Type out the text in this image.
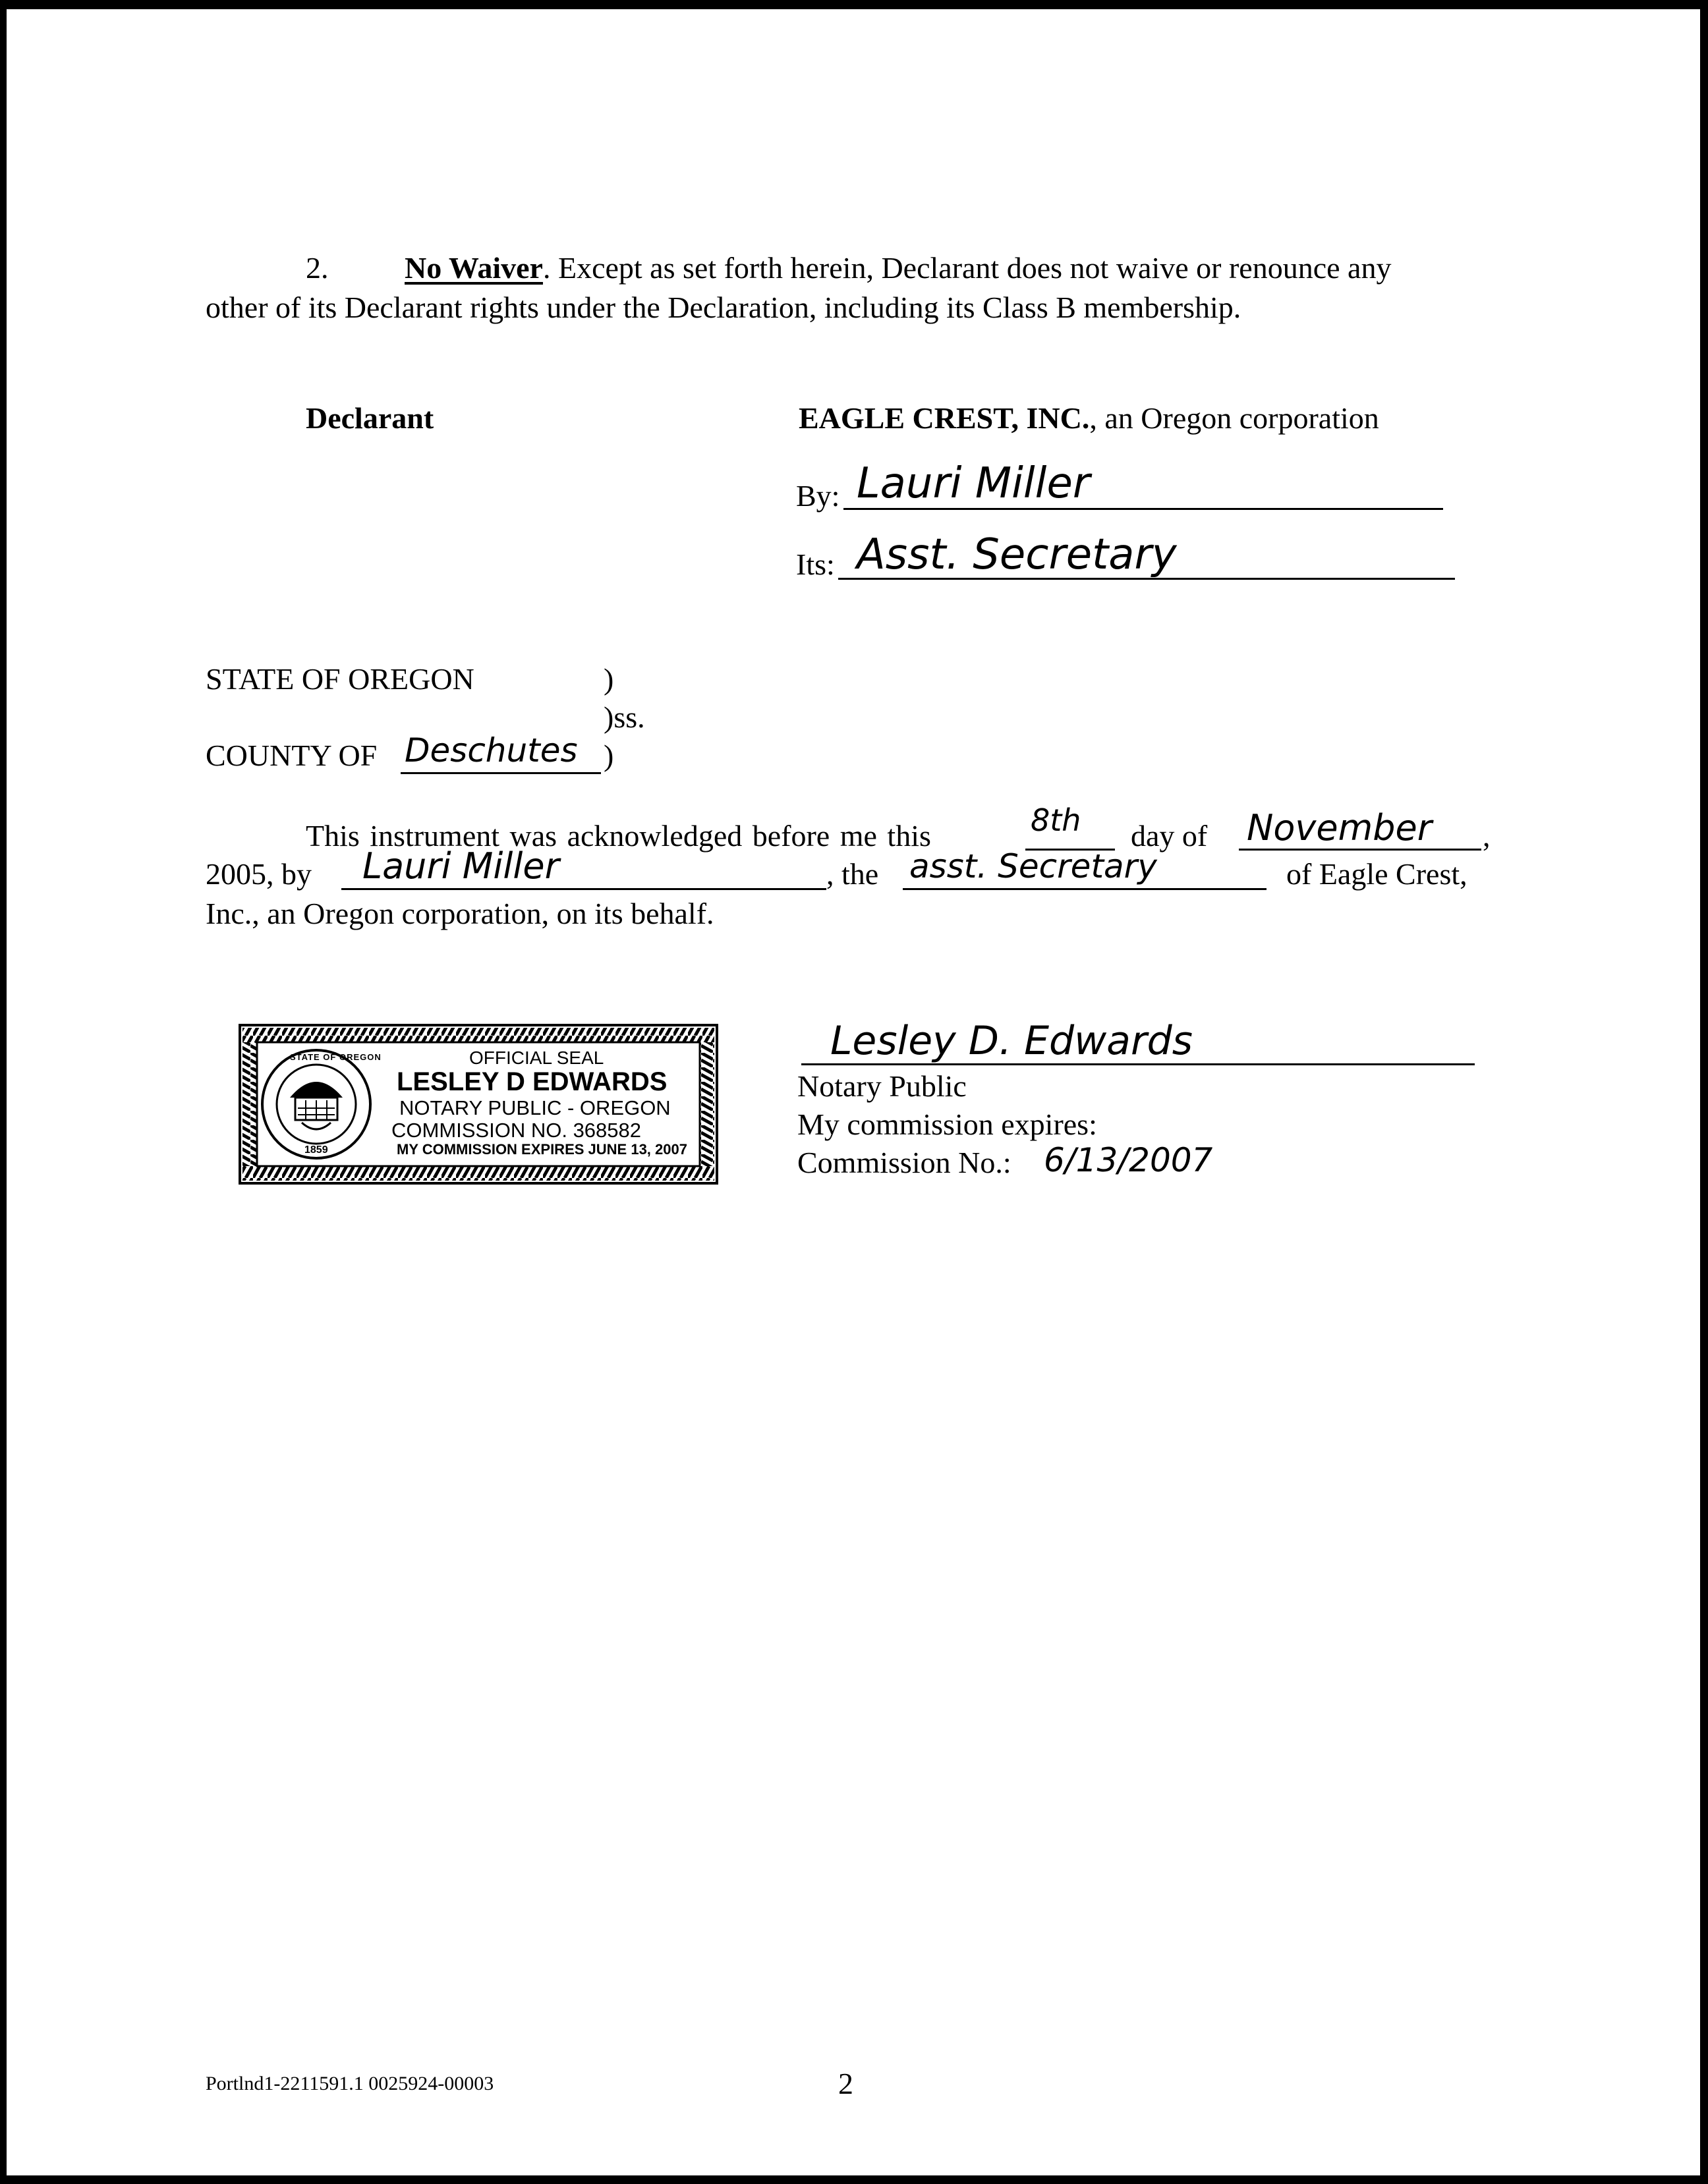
2.	No Waiver. Except as set forth herein, Declarant does not waive or renounce any
other of its Declarant rights under the Declaration, including its Class B membership.
Declarant	EAGLE CREST, INC., an Oregon corporation
By: Lauri Miller
Its: Asst. Secretary
STATE OF OREGON	)
)ss.
COUNTY OF Deschutes )
This instrument was acknowledged before me this	8th day of November ,
2005, by Lauri Miller	, the asst. Secretary	of Eagle Crest,
Inc., an Oregon corporation, on its behalf.
STATE OF OREGON
1859
OFFICIAL SEAL
LESLEY D EDWARDS
NOTARY PUBLIC - OREGON
COMMISSION NO. 368582
MY COMMISSION EXPIRES JUNE 13, 2007
Lesley D. Edwards
Notary Public
My commission expires:
Commission No.: 6/13/2007
Portlnd1-2211591.1 0025924-00003	2
